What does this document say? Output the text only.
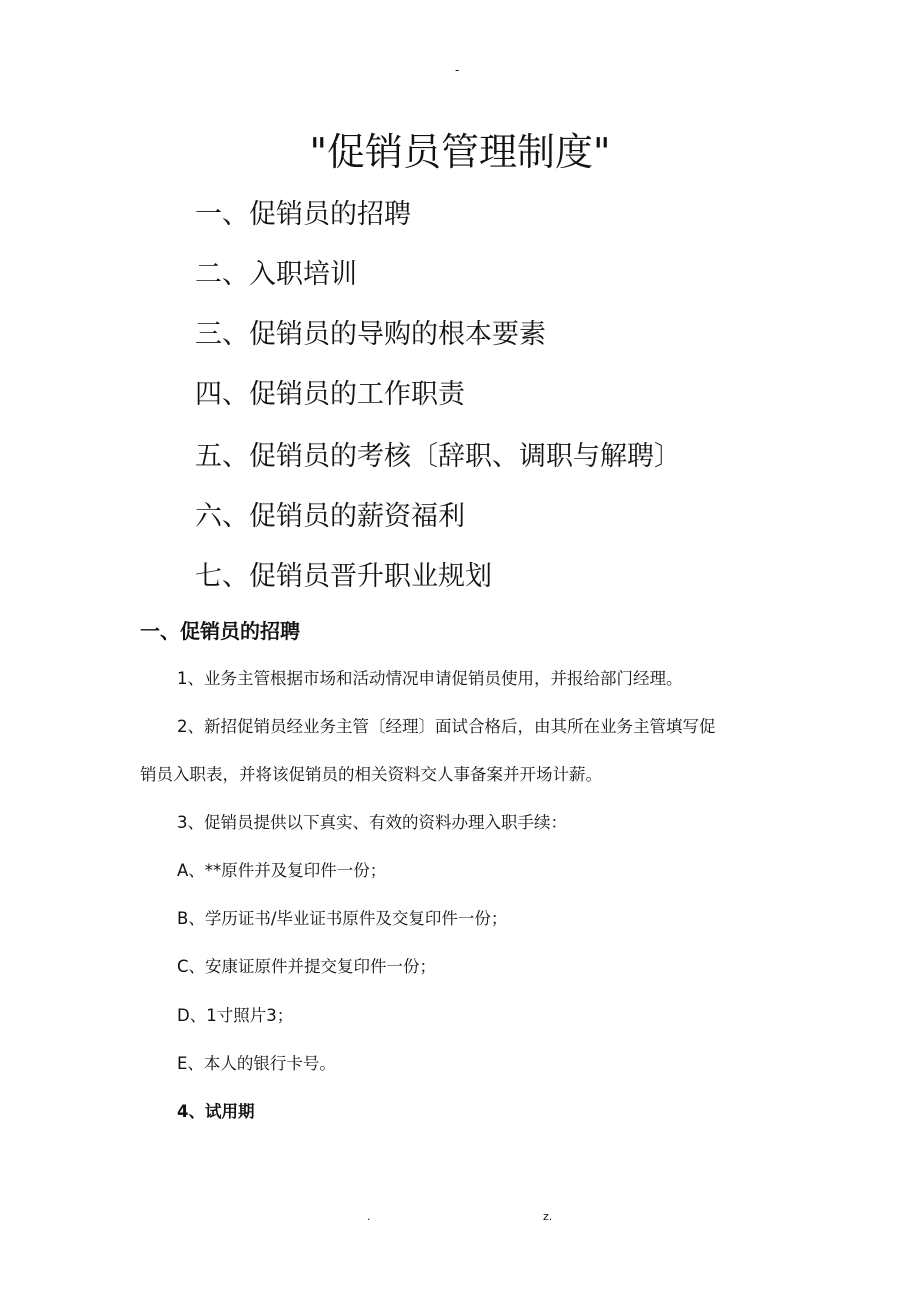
-
"促销员管理制度"
一、促销员的招聘
二、入职培训
三、促销员的导购的根本要素
四、促销员的工作职责
五、促销员的考核〔辞职、调职与解聘〕
六、促销员的薪资福利
七、促销员晋升职业规划
一、促销员的招聘
1、业务主管根据市场和活动情况申请促销员使用，并报给部门经理。
2、新招促销员经业务主管〔经理〕面试合格后，由其所在业务主管填写促
销员入职表，并将该促销员的相关资料交人事备案并开场计薪。
3、促销员提供以下真实、有效的资料办理入职手续：
A、**原件并及复印件一份；
B、学历证书/毕业证书原件及交复印件一份；
C、安康证原件并提交复印件一份；
D、1寸照片3；
E、本人的银行卡号。
4、试用期
.	z.
